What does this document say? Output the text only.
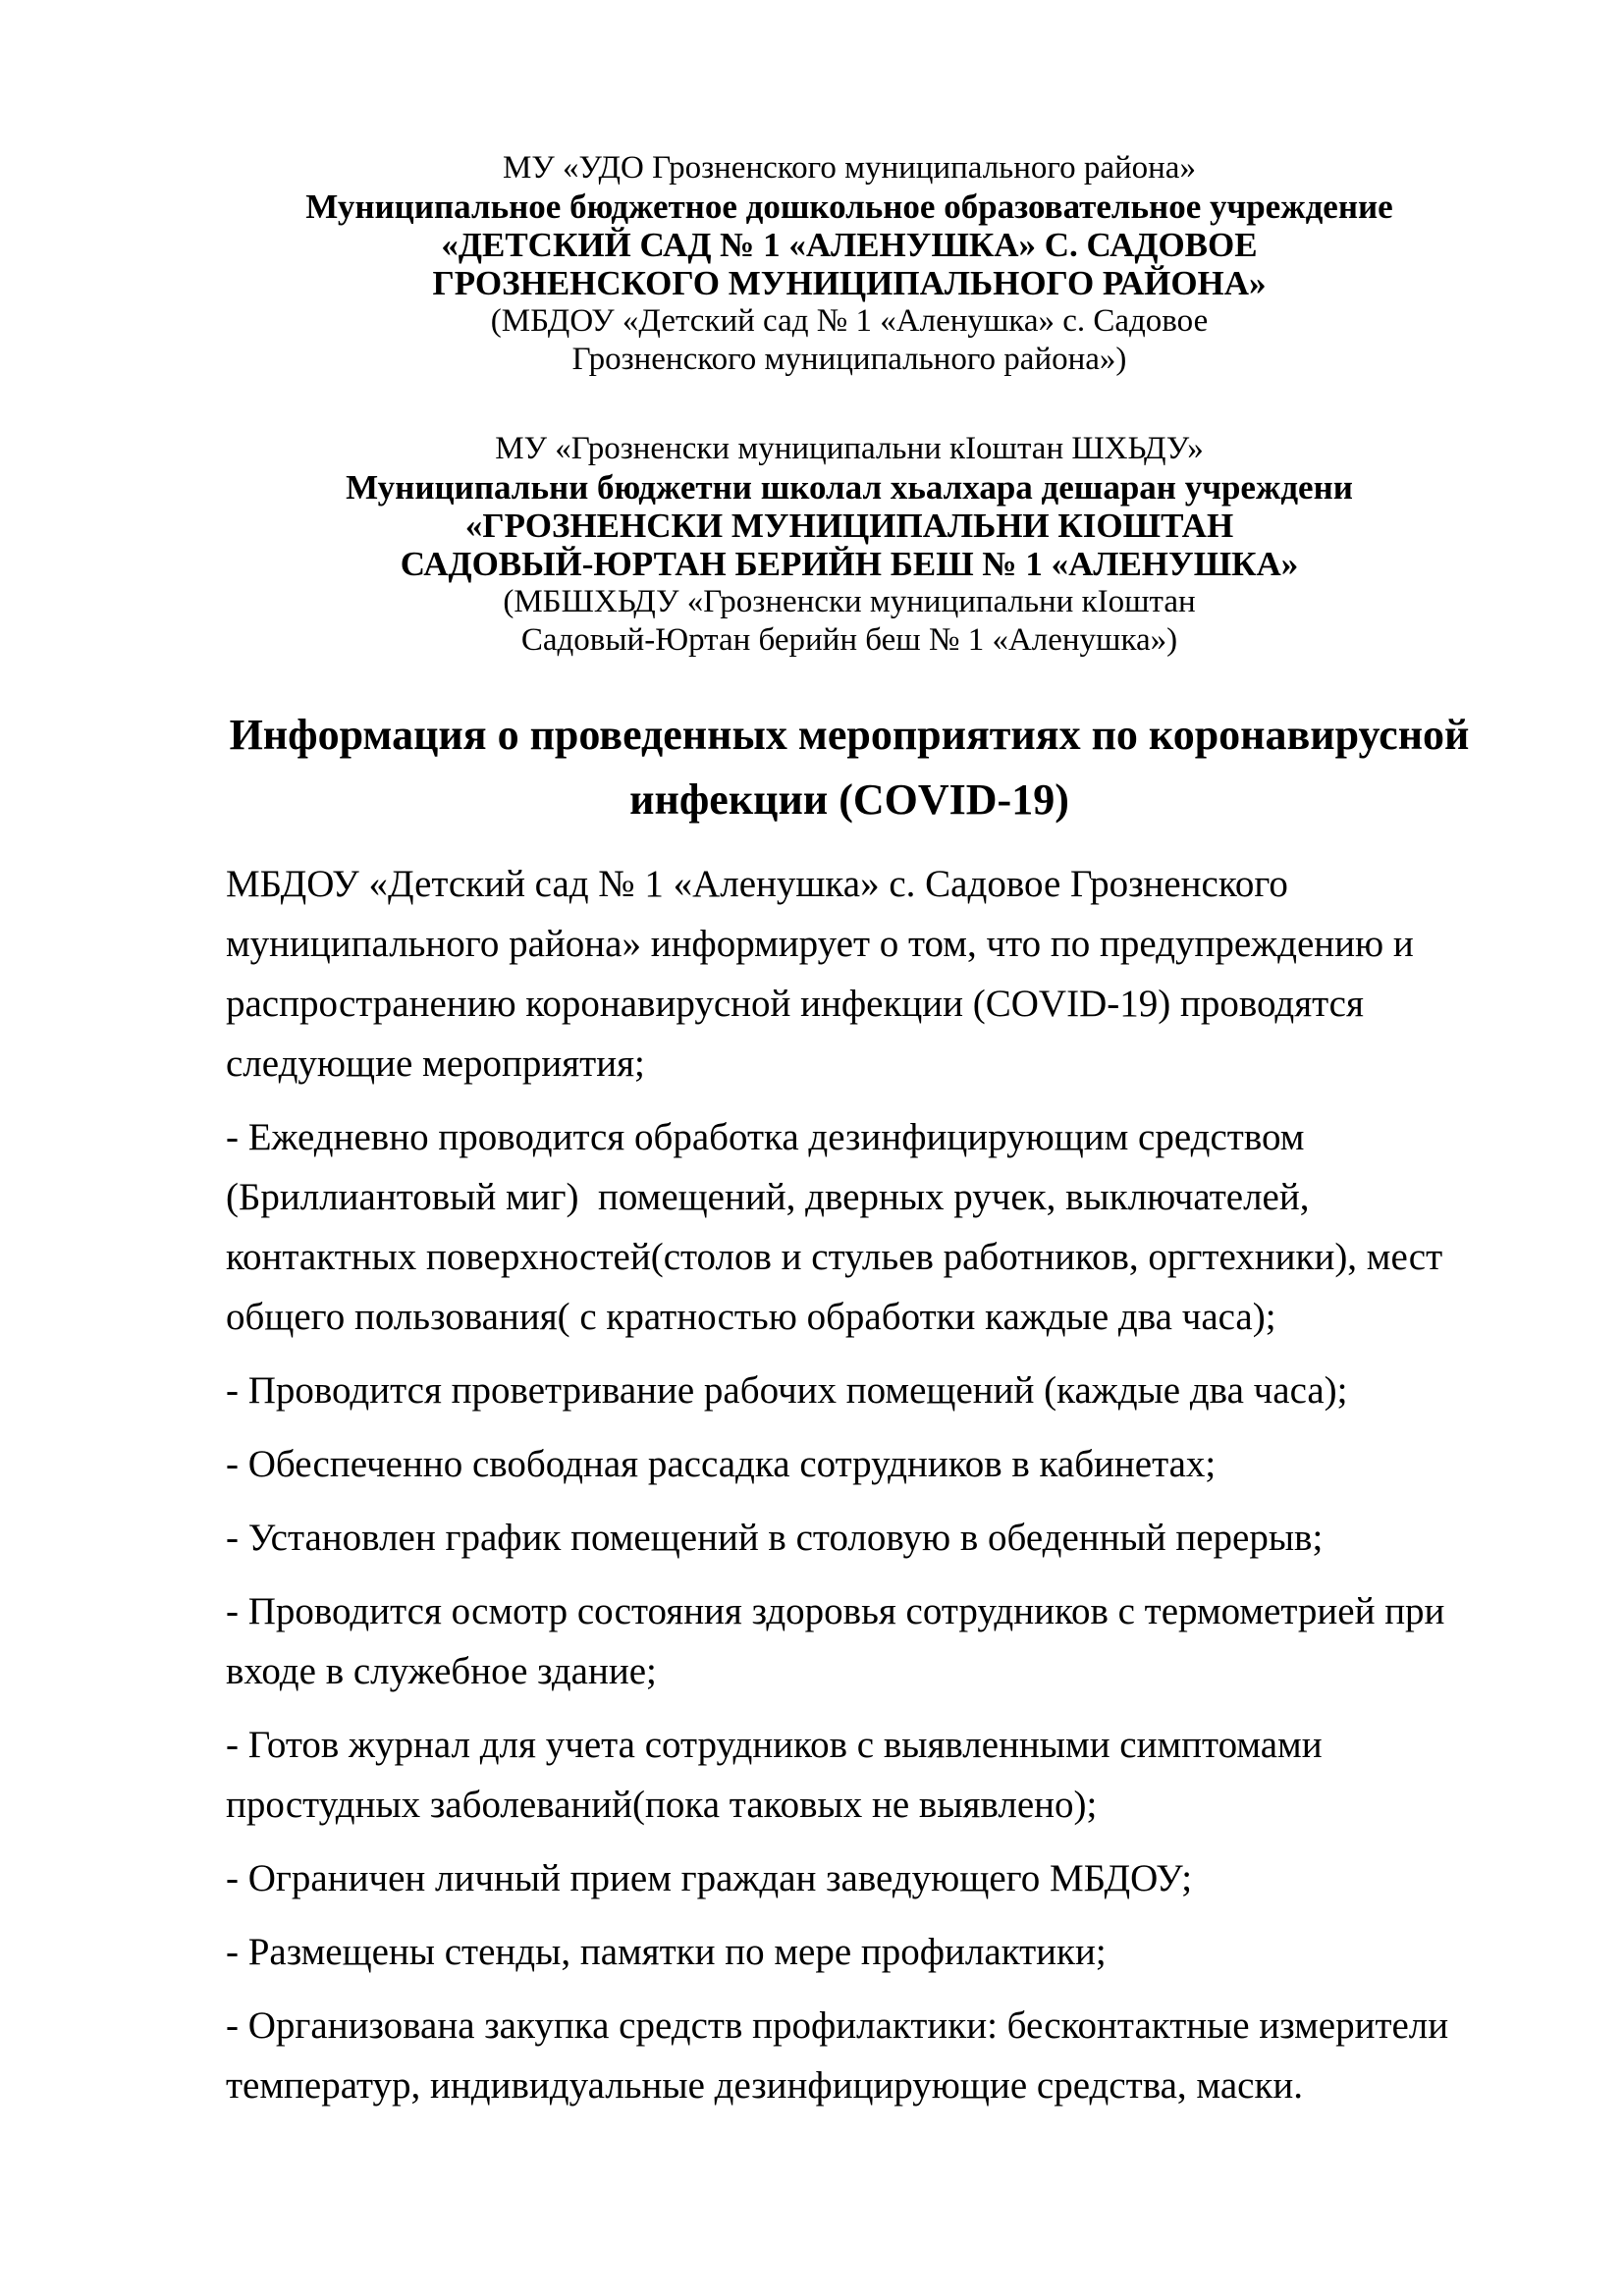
МУ «УДО Грозненского муниципального района»

Муниципальное бюджетное дошкольное образовательное учреждение

«ДЕТСКИЙ САД № 1 «АЛЕНУШКА» С. САДОВОЕ

ГРОЗНЕНСКОГО МУНИЦИПАЛЬНОГО РАЙОНА»

(МБДОУ «Детский сад № 1 «Аленушка» с. Садовое

Грозненского муниципального района»)

МУ «Грозненски муниципальни кIоштан ШХЬДУ»

Муниципальни бюджетни школал хьалхара дешаран учреждени

«ГРОЗНЕНСКИ МУНИЦИПАЛЬНИ КIОШТАН

САДОВЫЙ-ЮРТАН БЕРИЙН БЕШ № 1 «АЛЕНУШКА»

(МБШХЬДУ «Грозненски муниципальни кIоштан

Садовый-Юртан берийн беш № 1 «Аленушка»)

Информация о проведенных мероприятиях по коронавирусной инфекции (COVID-19)

МБДОУ «Детский сад № 1 «Аленушка» с. Садовое Грозненского муниципального района» информирует о том, что по предупреждению и распространению коронавирусной инфекции (COVID-19) проводятся следующие мероприятия;

- Ежедневно проводится обработка дезинфицирующим средством (Бриллиантовый миг)  помещений, дверных ручек, выключателей, контактных поверхностей(столов и стульев работников, оргтехники), мест общего пользования( с кратностью обработки каждые два часа);

- Проводится проветривание рабочих помещений (каждые два часа);

- Обеспеченно свободная рассадка сотрудников в кабинетах;

- Установлен график помещений в столовую в обеденный перерыв;

- Проводится осмотр состояния здоровья сотрудников с термометрией при входе в служебное здание;

- Готов журнал для учета сотрудников с выявленными симптомами простудных заболеваний(пока таковых не выявлено);

- Ограничен личный прием граждан заведующего МБДОУ;

- Размещены стенды, памятки по мере профилактики;

- Организована закупка средств профилактики: бесконтактные измерители температур, индивидуальные дезинфицирующие средства, маски.
